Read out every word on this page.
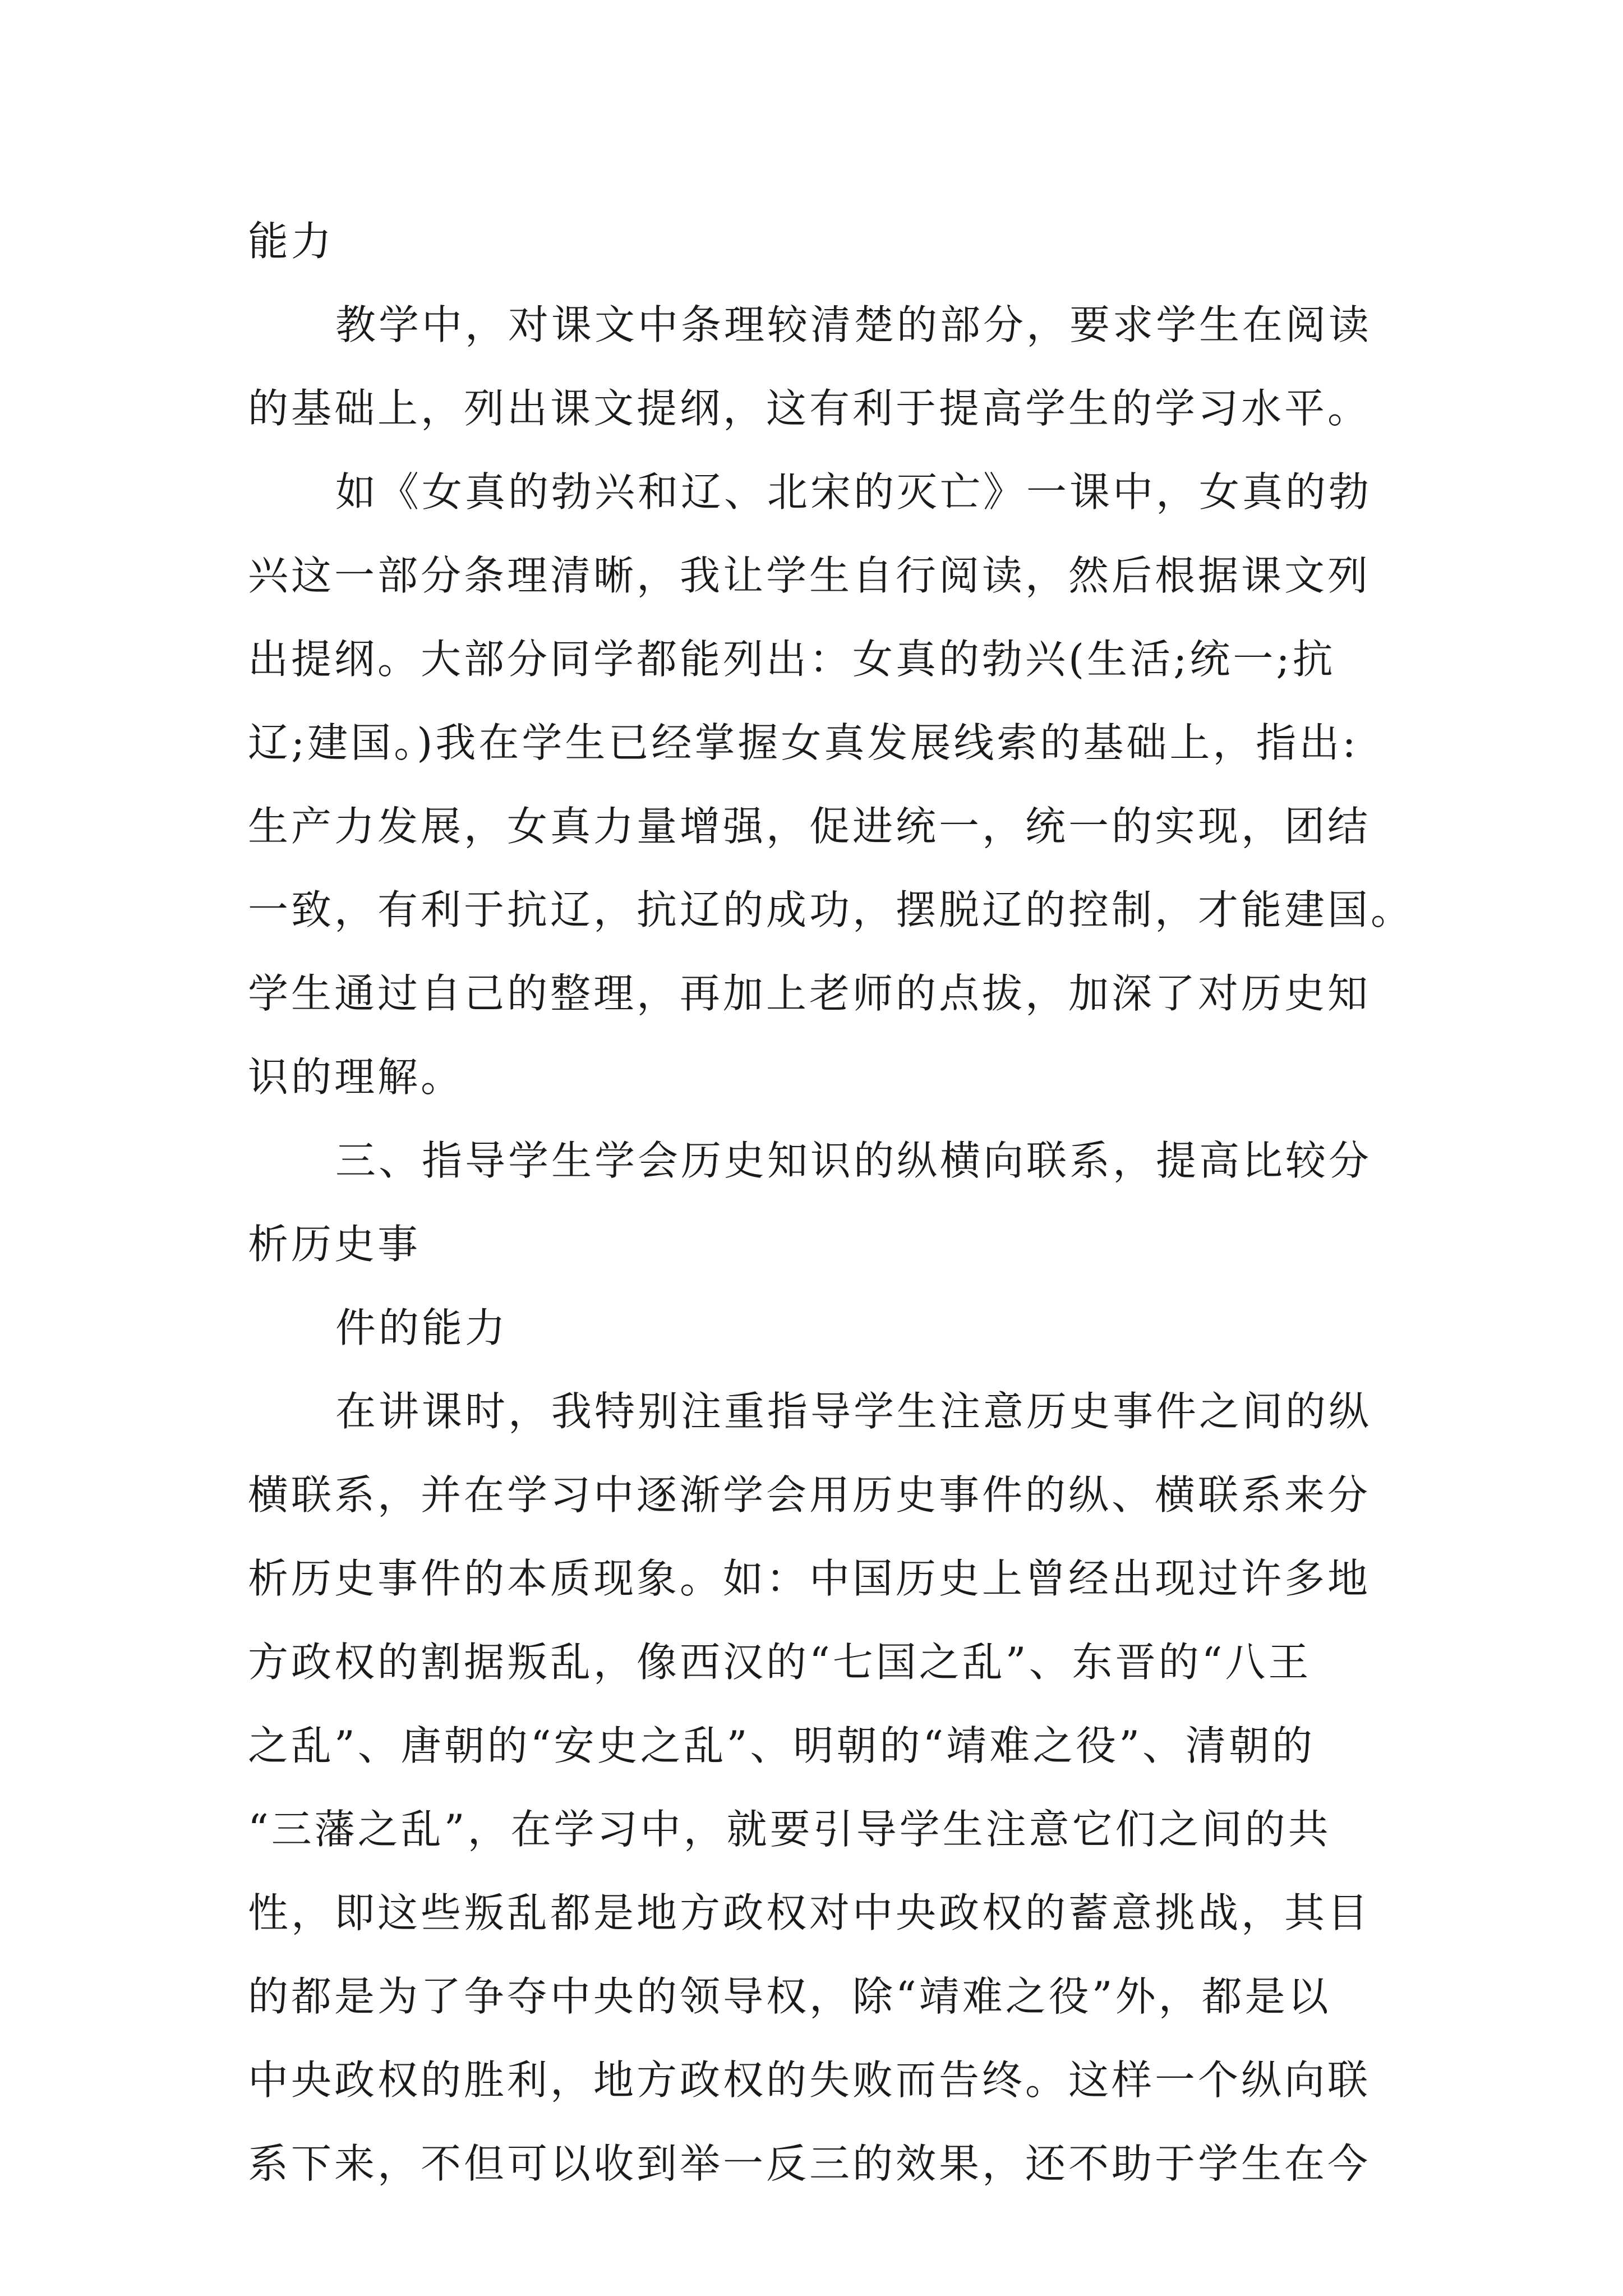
能力
教学中，对课文中条理较清楚的部分，要求学生在阅读
的基础上，列出课文提纲，这有利于提高学生的学习水平。
如《女真的勃兴和辽、北宋的灭亡》一课中，女真的勃
兴这一部分条理清晰，我让学生自行阅读，然后根据课文列
出提纲。大部分同学都能列出：女真的勃兴(生活;统一;抗
辽;建国。)我在学生已经掌握女真发展线索的基础上，指出:
生产力发展，女真力量增强，促进统一，统一的实现，团结
一致，有利于抗辽，抗辽的成功，摆脱辽的控制，才能建国。
学生通过自己的整理，再加上老师的点拔，加深了对历史知
识的理解。
三、指导学生学会历史知识的纵横向联系，提高比较分
析历史事
件的能力
在讲课时，我特别注重指导学生注意历史事件之间的纵
横联系，并在学习中逐渐学会用历史事件的纵、横联系来分
析历史事件的本质现象。如：中国历史上曾经出现过许多地
方政权的割据叛乱，像西汉的“七国之乱”、东晋的“八王
之乱”、唐朝的“安史之乱”、明朝的“靖难之役”、清朝的
“三藩之乱”，在学习中，就要引导学生注意它们之间的共
性，即这些叛乱都是地方政权对中央政权的蓄意挑战，其目
的都是为了争夺中央的领导权，除“靖难之役”外，都是以
中央政权的胜利，地方政权的失败而告终。这样一个纵向联
系下来，不但可以收到举一反三的效果，还不助于学生在今
